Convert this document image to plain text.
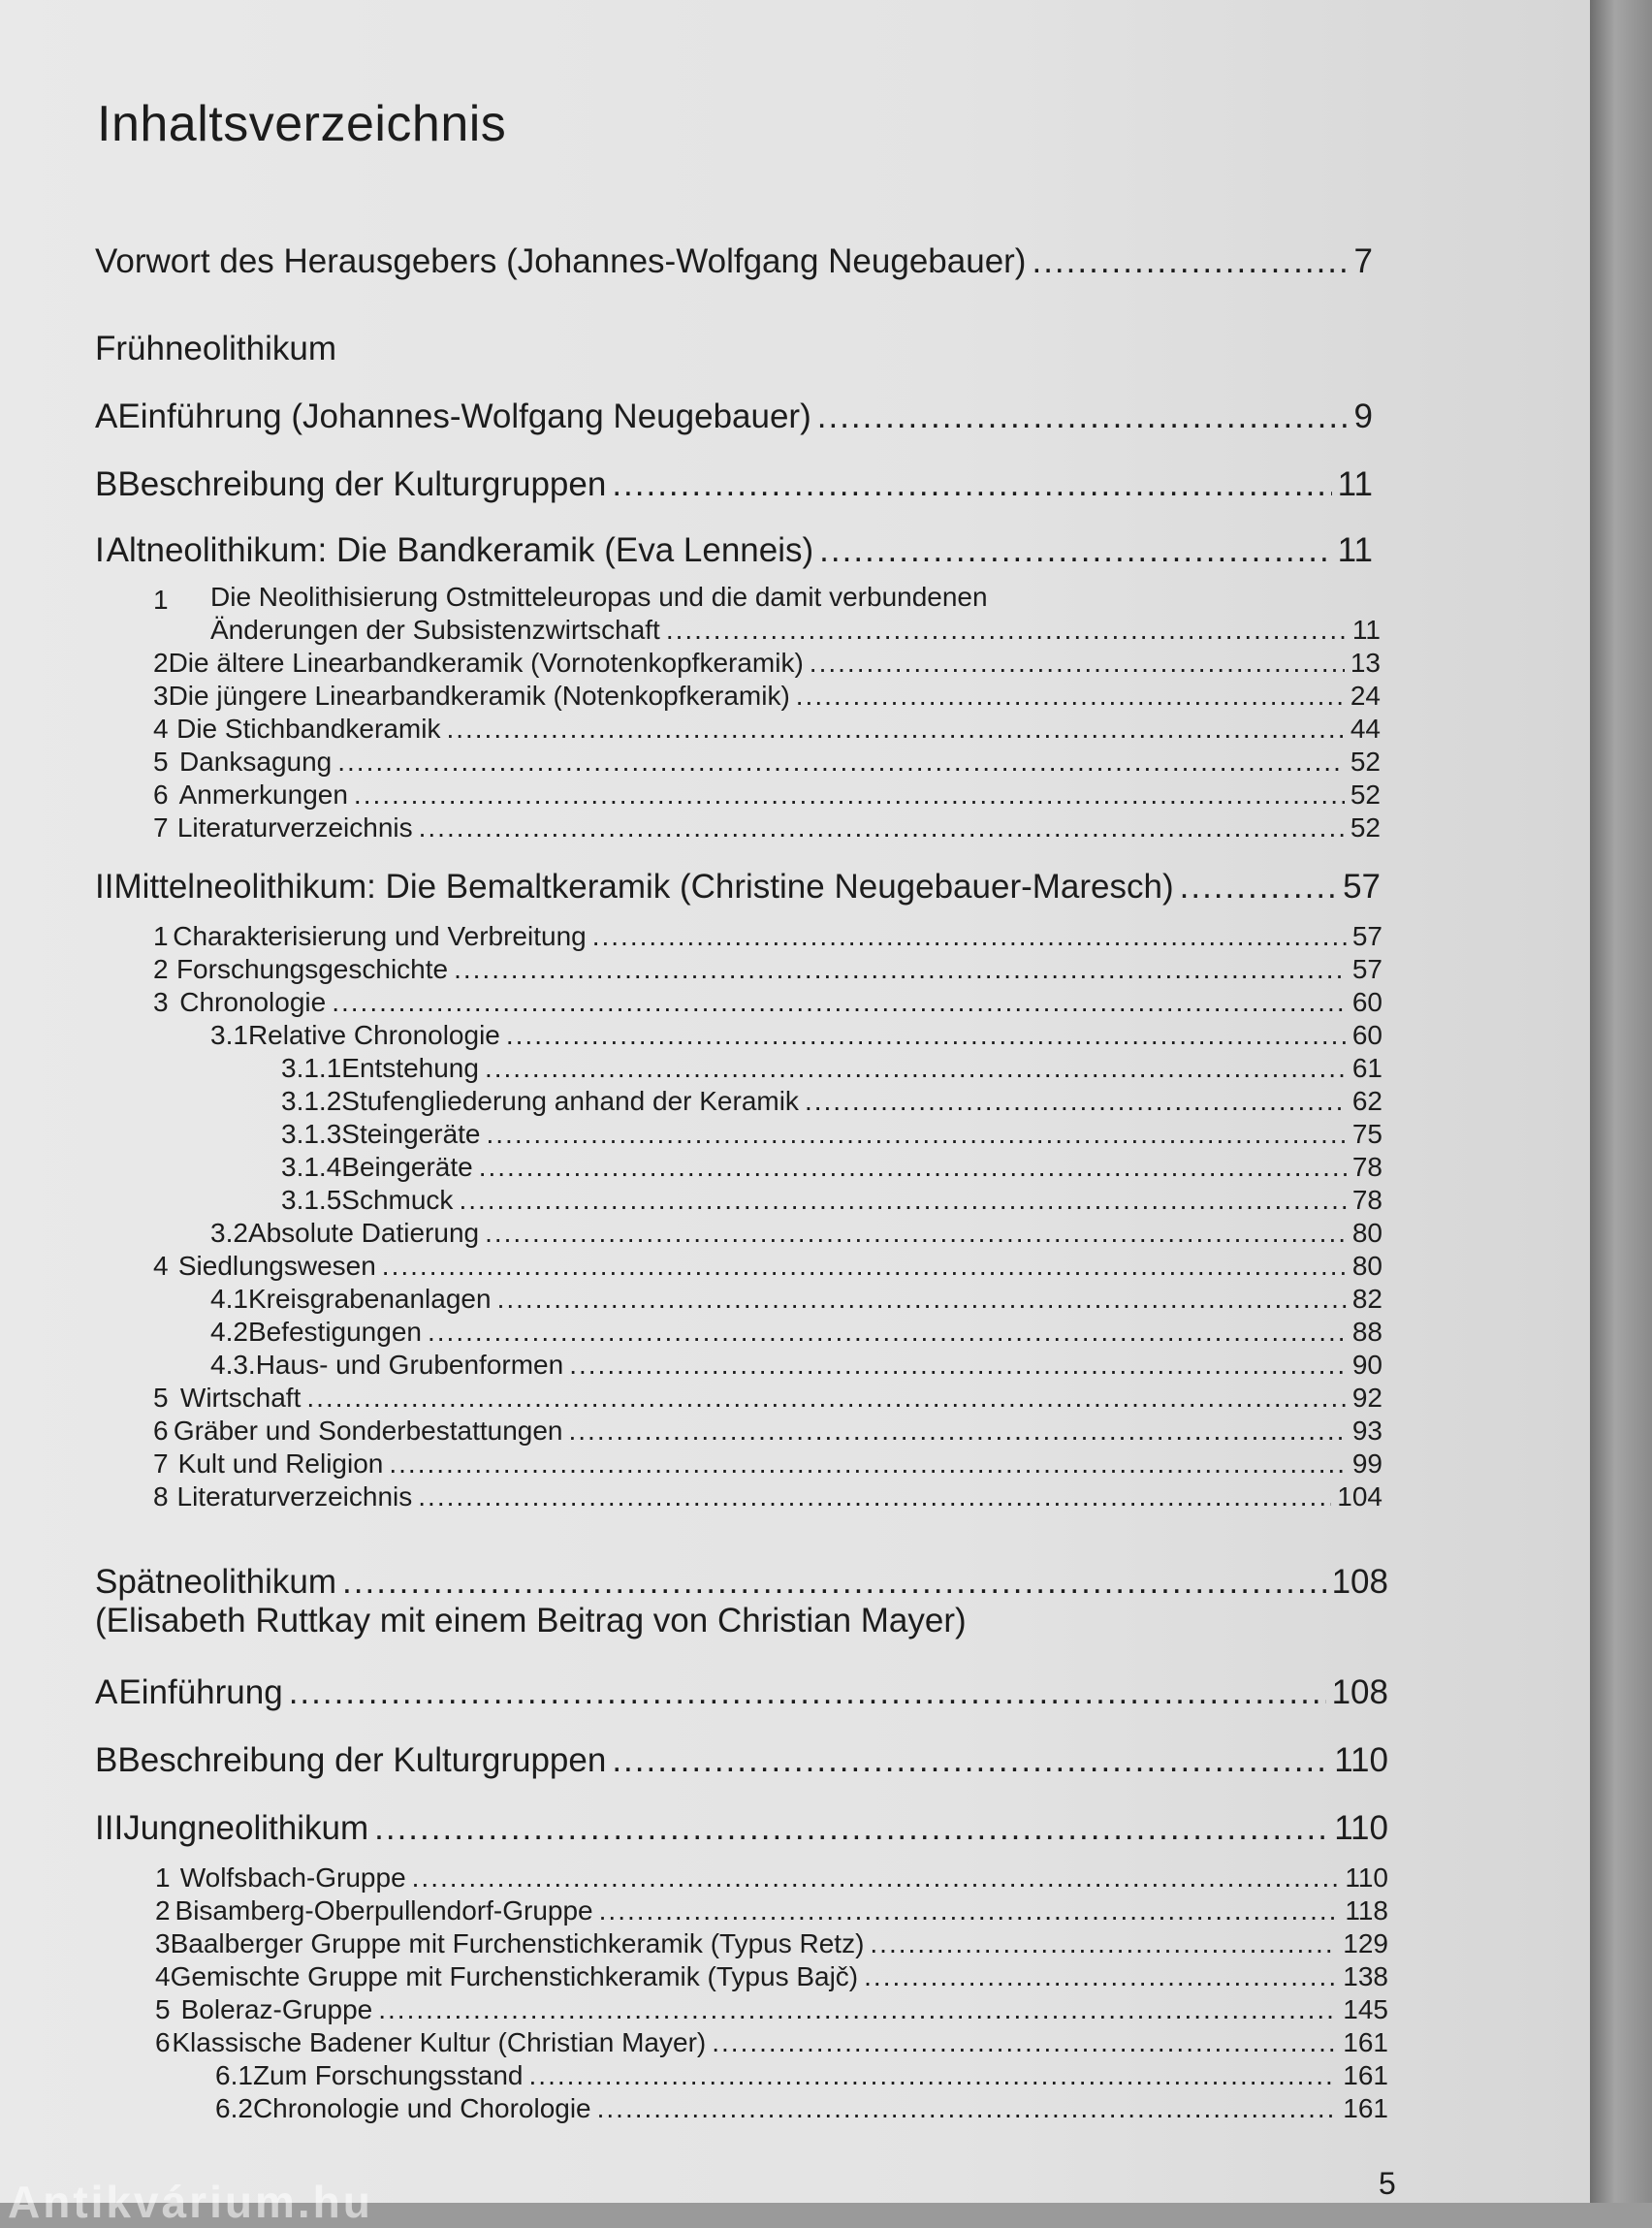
Inhaltsverzeichnis
Vorwort des Herausgebers (Johannes-Wolfgang Neugebauer) .....	7
Frühneolithikum
A Einführung (Johannes-Wolfgang Neugebauer) .....	9
B Beschreibung der Kulturgruppen .....	11
I Altneolithikum: Die Bandkeramik (Eva Lenneis) .....	11
1 Die Neolithisierung Ostmitteleuropas und die damit verbundenen
Änderungen der Subsistenzwirtschaft .....	11
2 Die ältere Linearbandkeramik (Vornotenkopfkeramik) .....	13
3 Die jüngere Linearbandkeramik (Notenkopfkeramik) .....	24
4 Die Stichbandkeramik .....	44
5 Danksagung .....	52
6 Anmerkungen .....	52
7 Literaturverzeichnis .....	52
II Mittelneolithikum: Die Bemaltkeramik (Christine Neugebauer-Maresch) .....	57
1 Charakterisierung und Verbreitung .....	57
2 Forschungsgeschichte .....	57
3 Chronologie .....	60
3.1 Relative Chronologie .....	60
3.1.1 Entstehung .....	61
3.1.2 Stufengliederung anhand der Keramik .....	62
3.1.3 Steingeräte .....	75
3.1.4 Beingeräte .....	78
3.1.5 Schmuck .....	78
3.2 Absolute Datierung .....	80
4 Siedlungswesen .....	80
4.1 Kreisgrabenanlagen .....	82
4.2 Befestigungen .....	88
4.3. Haus- und Grubenformen .....	90
5 Wirtschaft .....	92
6 Gräber und Sonderbestattungen .....	93
7 Kult und Religion .....	99
8 Literaturverzeichnis .....	104
Spätneolithikum .....	108
(Elisabeth Ruttkay mit einem Beitrag von Christian Mayer)
A Einführung .....	108
B Beschreibung der Kulturgruppen .....	110
III Jungneolithikum .....	110
1 Wolfsbach-Gruppe .....	110
2 Bisamberg-Oberpullendorf-Gruppe .....	118
3 Baalberger Gruppe mit Furchenstichkeramik (Typus Retz) .....	129
4 Gemischte Gruppe mit Furchenstichkeramik (Typus Bajč) .....	138
5 Boleraz-Gruppe .....	145
6 Klassische Badener Kultur (Christian Mayer) .....	161
6.1 Zum Forschungsstand .....	161
6.2 Chronologie und Chorologie .....	161
5
Antikvárium.hu
